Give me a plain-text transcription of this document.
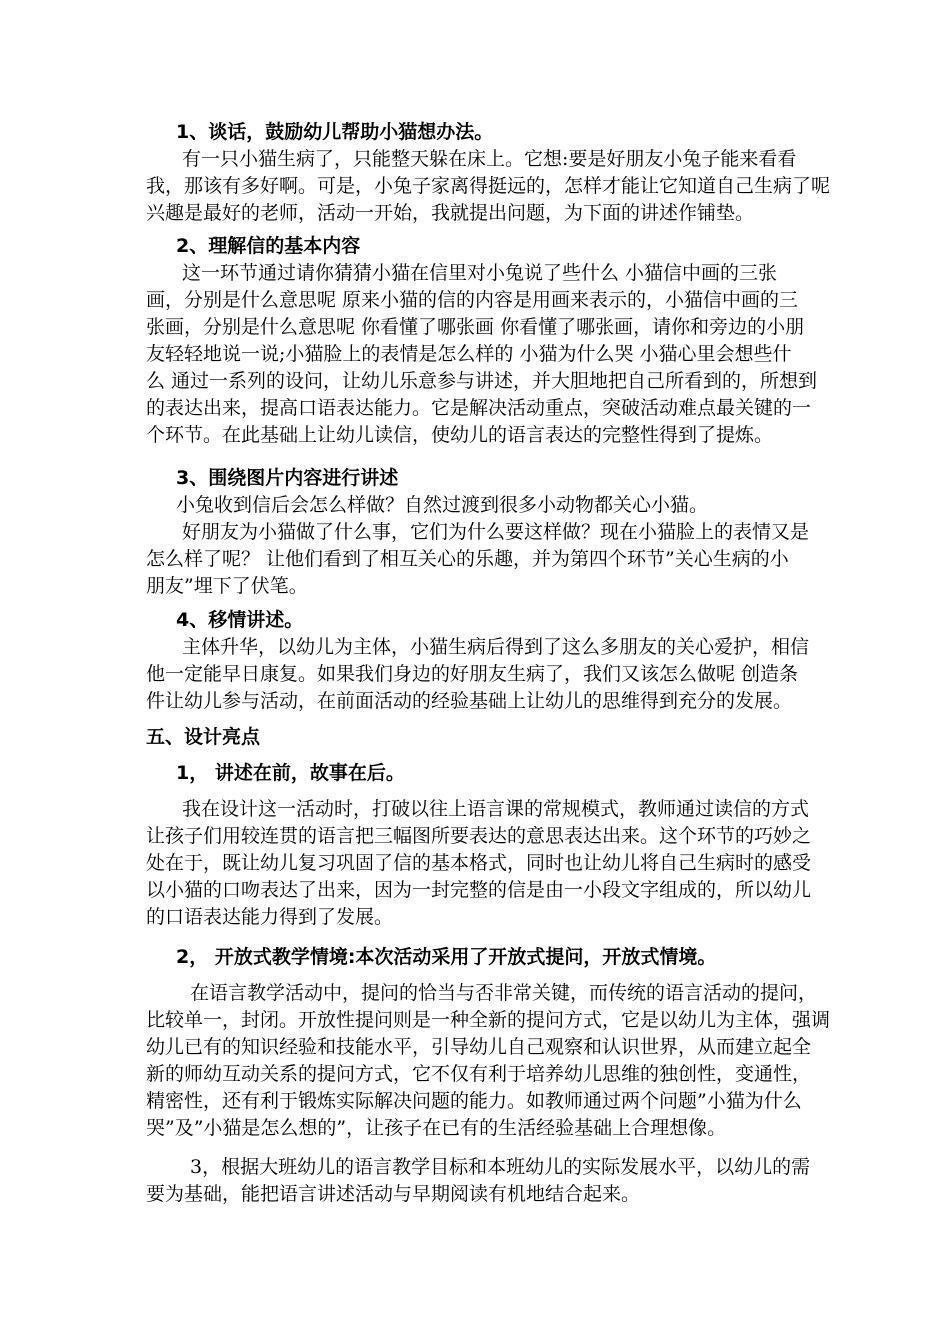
1、谈话，鼓励幼儿帮助小猫想办法。
有一只小猫生病了，只能整天躲在床上。它想:要是好朋友小兔子能来看看
我，那该有多好啊。可是，小兔子家离得挺远的，怎样才能让它知道自己生病了呢
兴趣是最好的老师，活动一开始，我就提出问题，为下面的讲述作铺垫。
2、理解信的基本内容
这一环节通过请你猜猜小猫在信里对小兔说了些什么 小猫信中画的三张
画，分别是什么意思呢 原来小猫的信的内容是用画来表示的，小猫信中画的三
张画，分别是什么意思呢 你看懂了哪张画 你看懂了哪张画，请你和旁边的小朋
友轻轻地说一说;小猫脸上的表情是怎么样的 小猫为什么哭 小猫心里会想些什
么 通过一系列的设问，让幼儿乐意参与讲述，并大胆地把自己所看到的，所想到
的表达出来，提高口语表达能力。它是解决活动重点，突破活动难点最关键的一
个环节。在此基础上让幼儿读信，使幼儿的语言表达的完整性得到了提炼。
3、围绕图片内容进行讲述
小兔收到信后会怎么样做？自然过渡到很多小动物都关心小猫。
好朋友为小猫做了什么事，它们为什么要这样做？现在小猫脸上的表情又是
怎么样了呢？ 让他们看到了相互关心的乐趣，并为第四个环节”关心生病的小
朋友”埋下了伏笔。
4、移情讲述。
主体升华，以幼儿为主体，小猫生病后得到了这么多朋友的关心爱护，相信
他一定能早日康复。如果我们身边的好朋友生病了，我们又该怎么做呢 创造条
件让幼儿参与活动，在前面活动的经验基础上让幼儿的思维得到充分的发展。
五、设计亮点
1， 讲述在前，故事在后。
我在设计这一活动时，打破以往上语言课的常规模式，教师通过读信的方式
让孩子们用较连贯的语言把三幅图所要表达的意思表达出来。这个环节的巧妙之
处在于，既让幼儿复习巩固了信的基本格式，同时也让幼儿将自己生病时的感受
以小猫的口吻表达了出来，因为一封完整的信是由一小段文字组成的，所以幼儿
的口语表达能力得到了发展。
2， 开放式教学情境:本次活动采用了开放式提问，开放式情境。
在语言教学活动中，提问的恰当与否非常关键，而传统的语言活动的提问，
比较单一，封闭。开放性提问则是一种全新的提问方式，它是以幼儿为主体，强调
幼儿已有的知识经验和技能水平，引导幼儿自己观察和认识世界，从而建立起全
新的师幼互动关系的提问方式，它不仅有利于培养幼儿思维的独创性，变通性，
精密性，还有利于锻炼实际解决问题的能力。如教师通过两个问题”小猫为什么
哭”及”小猫是怎么想的”，让孩子在已有的生活经验基础上合理想像。
3，根据大班幼儿的语言教学目标和本班幼儿的实际发展水平，以幼儿的需
要为基础，能把语言讲述活动与早期阅读有机地结合起来。
